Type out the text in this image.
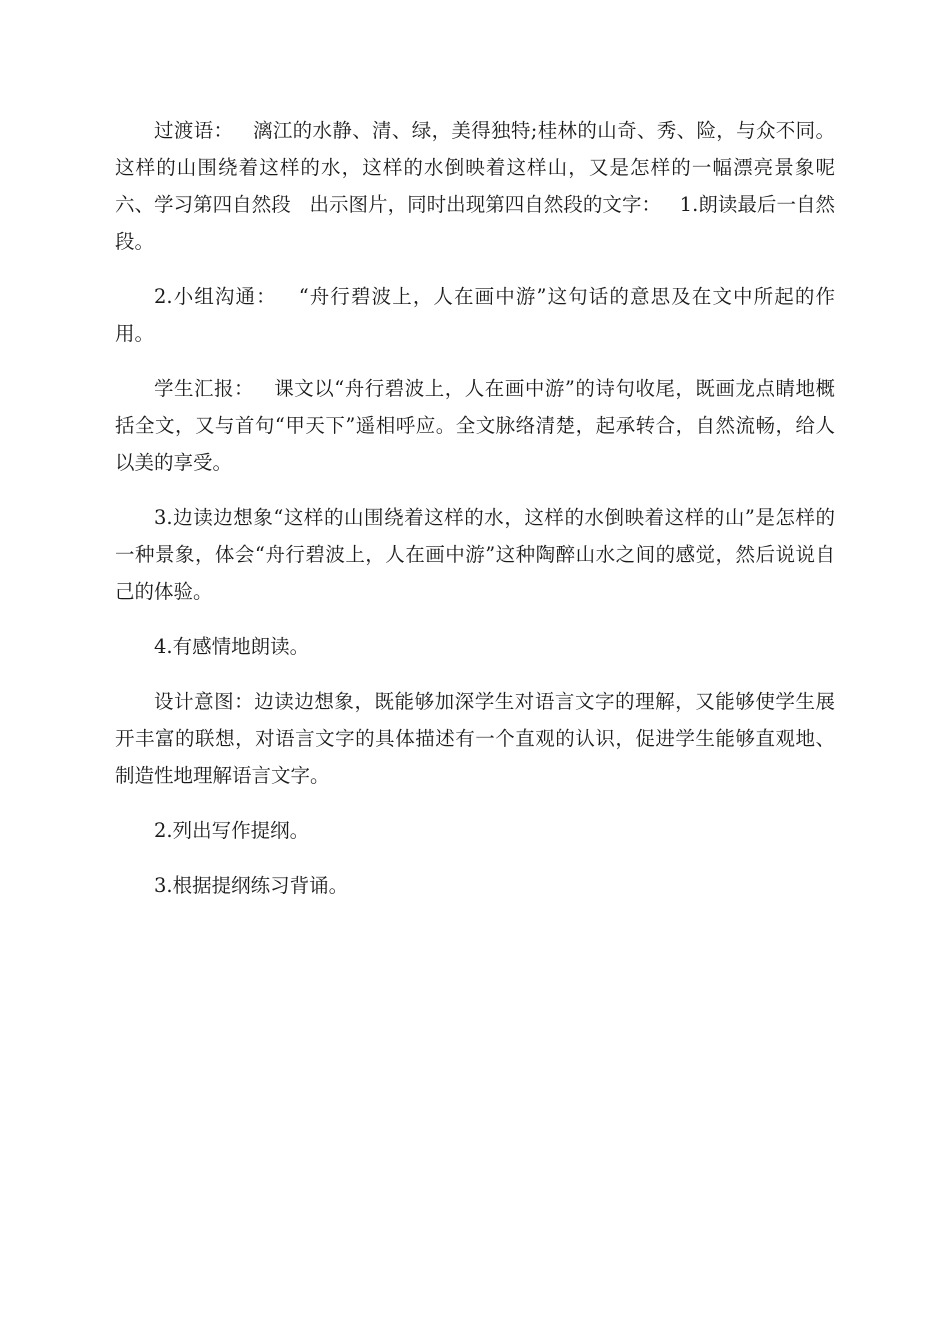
过渡语：   漓江的水静、清、绿，美得独特;桂林的山奇、秀、险，与众不同。这样的山围绕着这样的水，这样的水倒映着这样山，又是怎样的一幅漂亮景象呢   六、学习第四自然段   出示图片，同时出现第四自然段的文字：   1.朗读最后一自然段。

2.小组沟通：   “舟行碧波上，人在画中游”这句话的意思及在文中所起的作用。

学生汇报：   课文以“舟行碧波上，人在画中游”的诗句收尾，既画龙点睛地概括全文，又与首句“甲天下”遥相呼应。全文脉络清楚，起承转合，自然流畅，给人以美的享受。

3.边读边想象“这样的山围绕着这样的水，这样的水倒映着这样的山”是怎样的一种景象，体会“舟行碧波上，人在画中游”这种陶醉山水之间的感觉，然后说说自己的体验。

4.有感情地朗读。

设计意图：边读边想象，既能够加深学生对语言文字的理解，又能够使学生展开丰富的联想，对语言文字的具体描述有一个直观的认识，促进学生能够直观地、制造性地理解语言文字。

2.列出写作提纲。

3.根据提纲练习背诵。
